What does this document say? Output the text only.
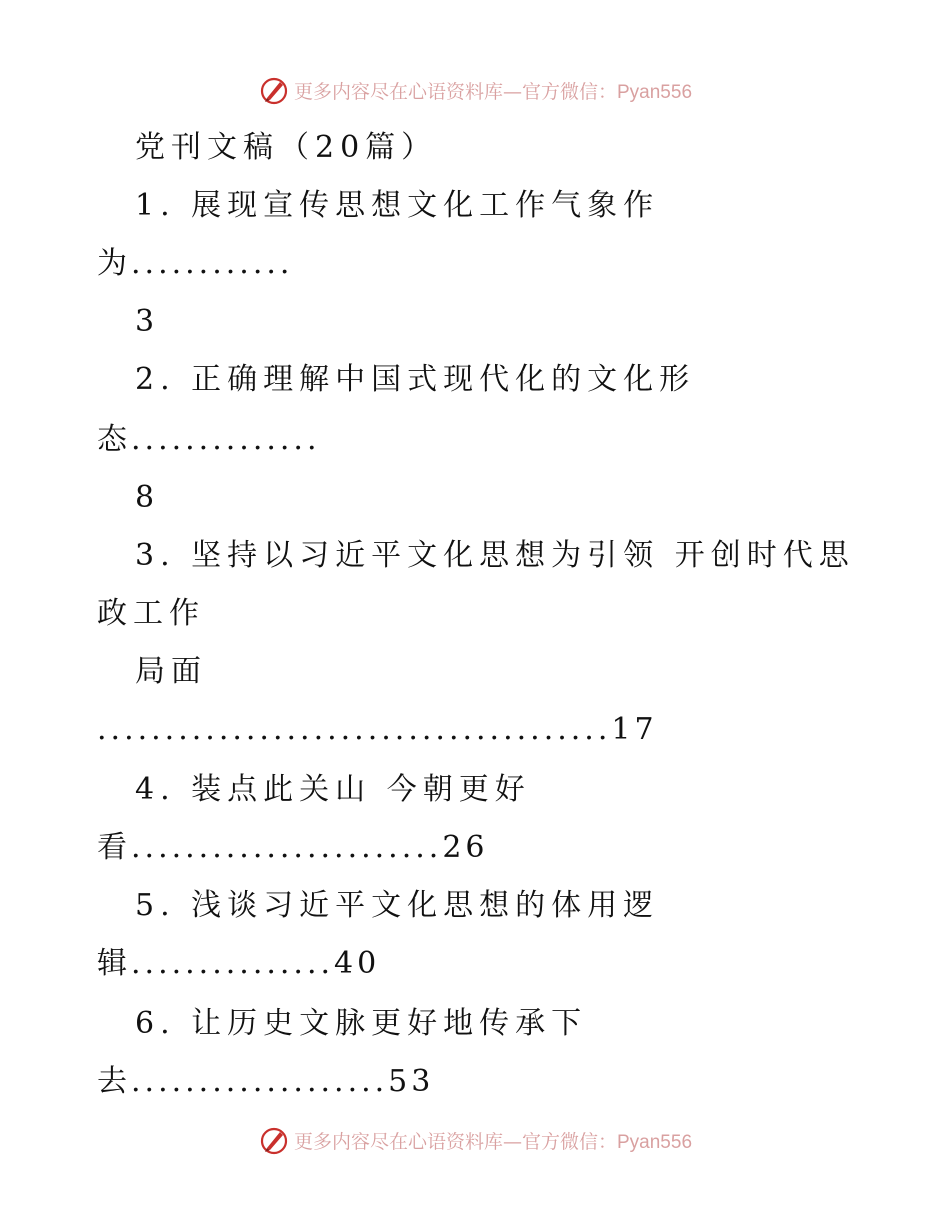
更多内容尽在心语资料库—官方微信：Pyan556
党刊文稿（20篇）
1. 展现宣传思想文化工作气象作
为............
3
2. 正确理解中国式现代化的文化形
态..............
8
3. 坚持以习近平文化思想为引领 开创时代思
政工作
局面
......................................17
4. 装点此关山 今朝更好
看.......................26
5. 浅谈习近平文化思想的体用逻
辑...............40
6. 让历史文脉更好地传承下
去...................53
更多内容尽在心语资料库—官方微信：Pyan556
